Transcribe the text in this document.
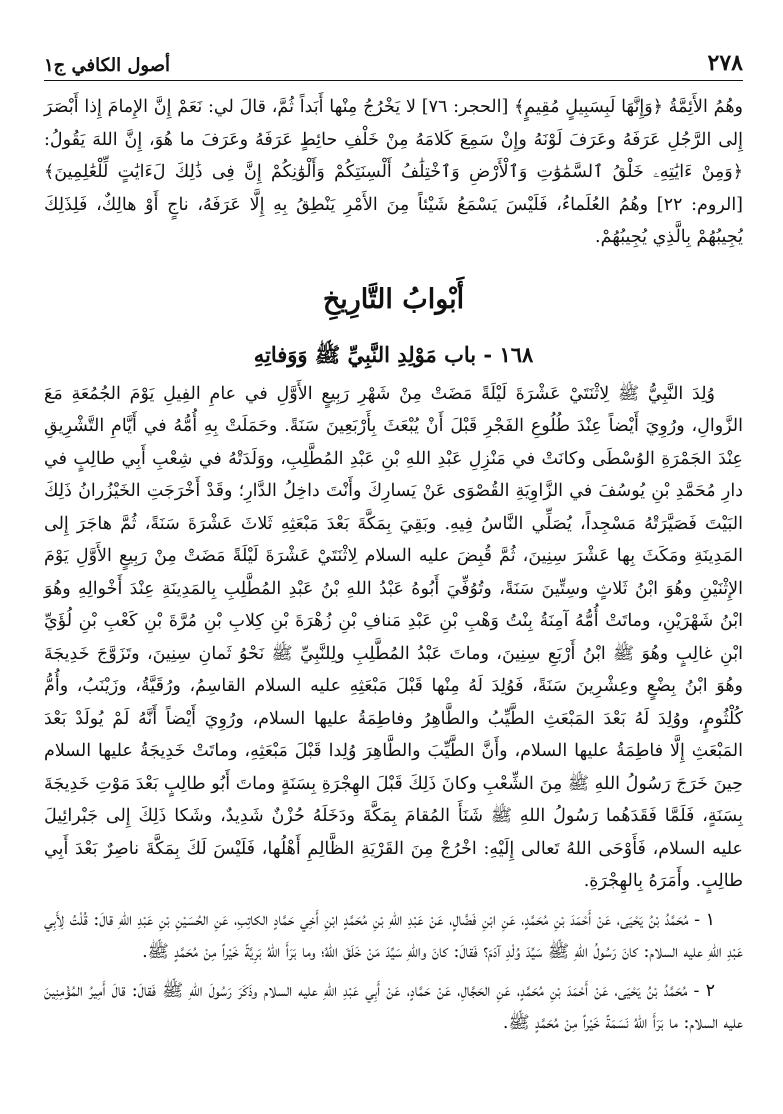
٢٧٨
أصول الكافي ج١

وهُمُ الأَئِمَّةُ ﴿وَإِنَّهَا لَبِسَبِيلٍ مُقِيمٍ﴾ [الحجر: ٧٦] لا يَخْرُجُ مِنْها أَبَداً ثُمَّ، قالَ لي: نَعَمْ إِنَّ الإِمامَ إِذا أَبْصَرَ إِلى الرَّجُلِ عَرَفَهُ وعَرَفَ لَوْنَهُ وإِنْ سَمِعَ كَلامَهُ مِنْ خَلْفِ حائِطٍ عَرَفَهُ وعَرَفَ ما هُوَ، إِنَّ اللهَ يَقُولُ: ﴿وَمِنْ ءَايَٰتِهِۦ خَلْقُ ٱلسَّمَٰوَٰتِ وَٱلْأَرْضِ وَٱخْتِلَٰفُ أَلْسِنَتِكُمْ وَأَلْوَٰنِكُمْ إِنَّ فِى ذَٰلِكَ لَءَايَٰتٍ لِّلْعَٰلِمِينَ﴾ [الروم: ٢٢] وهُمُ العُلَماءُ، فَلَيْسَ يَسْمَعُ شَيْئاً مِنَ الأَمْرِ يَنْطِقُ بِهِ إِلَّا عَرَفَهُ، ناجٍ أَوْ هالِكٌ، فَلِذَلِكَ يُجِيبُهُمْ بِالَّذِي يُجِيبُهُمْ.

أَبْوابُ التَّارِيخِ
١٦٨ - باب مَوْلِدِ النَّبِيِّ ﷺ وَوَفاتِهِ

وُلِدَ النَّبِيُّ ﷺ لِاثْنَتَيْ عَشْرَةَ لَيْلَةً مَضَتْ مِنْ شَهْرِ رَبِيعٍ الأَوَّلِ في عامِ الفِيلِ يَوْمَ الجُمُعَةِ مَعَ الزَّوالِ، ورُوِيَ أَيْضاً عِنْدَ طُلُوعِ الفَجْرِ قَبْلَ أَنْ يُبْعَثَ بِأَرْبَعِينَ سَنَةً. وحَمَلَتْ بِهِ أُمُّهُ في أَيَّامِ التَّشْرِيقِ عِنْدَ الجَمْرَةِ الوُسْطَى وكانَتْ في مَنْزِلِ عَبْدِ اللهِ بْنِ عَبْدِ المُطَّلِبِ، ووَلَدَتْهُ في شِعْبِ أَبِي طالِبٍ في دارِ مُحَمَّدِ بْنِ يُوسُفَ في الزَّاوِيَةِ القُصْوَى عَنْ يَسارِكَ وأَنْتَ داخِلُ الدَّارِ؛ وقَدْ أَخْرَجَتِ الخَيْزُرانُ ذَلِكَ البَيْتَ فَصَيَّرَتْهُ مَسْجِداً، يُصَلِّي النَّاسُ فِيهِ. وبَقِيَ بِمَكَّةَ بَعْدَ مَبْعَثِهِ ثَلاثَ عَشْرَةَ سَنَةً، ثُمَّ هاجَرَ إِلى المَدِينَةِ ومَكَثَ بِها عَشْرَ سِنِينَ، ثُمَّ قُبِضَ عليه السلام لِاثْنَتَيْ عَشْرَةَ لَيْلَةً مَضَتْ مِنْ رَبِيعٍ الأَوَّلِ يَوْمَ الإِثْنَيْنِ وهُوَ ابْنُ ثَلاثٍ وسِتِّينَ سَنَةً، وتُوُفِّيَ أَبُوهُ عَبْدُ اللهِ بْنُ عَبْدِ المُطَّلِبِ بِالمَدِينَةِ عِنْدَ أَخْوالِهِ وهُوَ ابْنُ شَهْرَيْنِ، وماتَتْ أُمُّهُ آمِنَةُ بِنْتُ وَهْبِ بْنِ عَبْدِ مَنافِ بْنِ زُهْرَةَ بْنِ كِلابِ بْنِ مُرَّةَ بْنِ كَعْبِ بْنِ لُؤَيِّ ابْنِ غالِبٍ وهُوَ ﷺ ابْنُ أَرْبَعِ سِنِينَ، وماتَ عَبْدُ المُطَّلِبِ ولِلنَّبِيِّ ﷺ نَحْوُ ثَمانِ سِنِينَ، وتَزَوَّجَ خَدِيجَةَ وهُوَ ابْنُ بِضْعٍ وعِشْرِينَ سَنَةً، فَوُلِدَ لَهُ مِنْها قَبْلَ مَبْعَثِهِ عليه السلام القاسِمُ، ورُقَيَّةُ، وزَيْنَبُ، وأُمُّ كُلْثُومٍ، ووُلِدَ لَهُ بَعْدَ المَبْعَثِ الطَّيِّبُ والطَّاهِرُ وفاطِمَةُ عليها السلام، ورُوِيَ أَيْضاً أَنَّهُ لَمْ يُولَدْ بَعْدَ المَبْعَثِ إِلَّا فاطِمَةُ عليها السلام، وأَنَّ الطَّيِّبَ والطَّاهِرَ وُلِدا قَبْلَ مَبْعَثِهِ، وماتَتْ خَدِيجَةُ عليها السلام حِينَ خَرَجَ رَسُولُ اللهِ ﷺ مِنَ الشِّعْبِ وكانَ ذَلِكَ قَبْلَ الهِجْرَةِ بِسَنَةٍ وماتَ أَبُو طالِبٍ بَعْدَ مَوْتِ خَدِيجَةَ بِسَنَةٍ، فَلَمَّا فَقَدَهُما رَسُولُ اللهِ ﷺ شَنَأَ المُقامَ بِمَكَّةَ ودَخَلَهُ حُزْنٌ شَدِيدٌ، وشَكا ذَلِكَ إِلى جَبْرائِيلَ عليه السلام، فَأَوْحَى اللهُ تَعالى إِلَيْهِ: اخْرُجْ مِنَ القَرْيَةِ الظَّالِمِ أَهْلُها، فَلَيْسَ لَكَ بِمَكَّةَ ناصِرٌ بَعْدَ أَبِي طالِبٍ. وأَمَرَهُ بِالهِجْرَةِ.

١ - مُحَمَّدُ بْنُ يَحْيَى، عَنْ أَحْمَدَ بْنِ مُحَمَّدٍ، عَنِ ابْنِ فَضَّالٍ، عَنْ عَبْدِ اللهِ بْنِ مُحَمَّدٍ ابْنِ أَخِي حَمَّادٍ الكاتِبِ، عَنِ الحُسَيْنِ بْنِ عَبْدِ اللهِ قالَ: قُلْتُ لِأَبِي عَبْدِ اللهِ عليه السلام: كانَ رَسُولُ اللهِ ﷺ سَيِّدَ وُلْدِ آدَمَ؟ فَقالَ: كانَ واللهِ سَيِّدَ مَنْ خَلَقَ اللهُ؛ وما بَرَأَ اللهُ بَرِيَّةً خَيْراً مِنْ مُحَمَّدٍ ﷺ.

٢ - مُحَمَّدُ بْنُ يَحْيَى، عَنْ أَحْمَدَ بْنِ مُحَمَّدٍ، عَنِ الحَجَّالِ، عَنْ حَمَّادٍ، عَنْ أَبِي عَبْدِ اللهِ عليه السلام وذَكَرَ رَسُولَ اللهِ ﷺ فَقالَ: قالَ أَمِيرُ المُؤْمِنِينَ عليه السلام: ما بَرَأَ اللهُ نَسَمَةً خَيْراً مِنْ مُحَمَّدٍ ﷺ.
